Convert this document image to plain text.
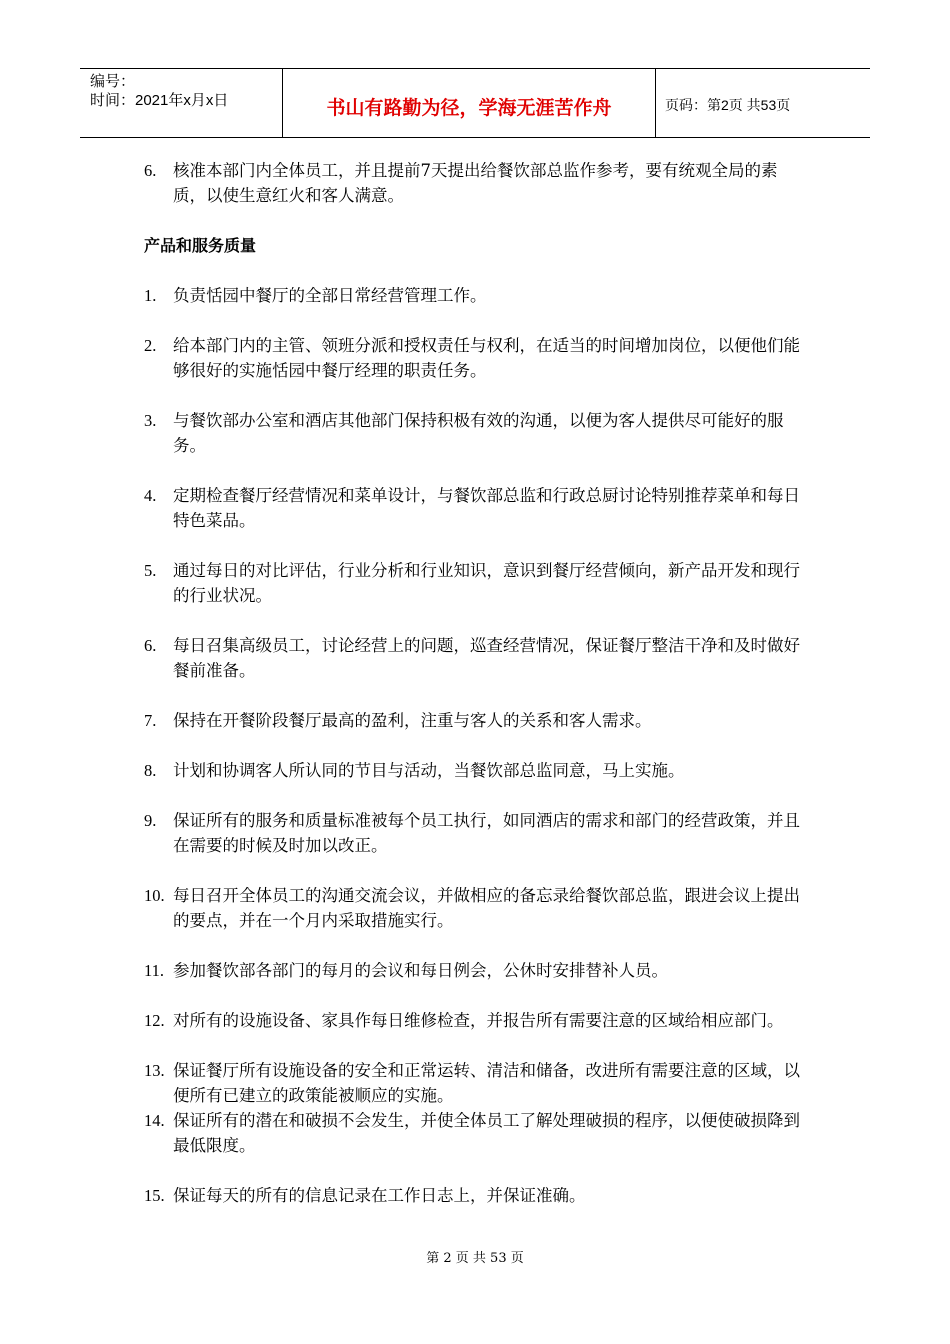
编号：
时间：2021年x月x日	书山有路勤为径，学海无涯苦作舟	页码：第2页 共53页
6.	核准本部门内全体员工，并且提前7天提出给餐饮部总监作参考，要有统观全局的素质，以使生意红火和客人满意。
产品和服务质量
1.	负责恬园中餐厅的全部日常经营管理工作。
2.	给本部门内的主管、领班分派和授权责任与权利，在适当的时间增加岗位，以便他们能够很好的实施恬园中餐厅经理的职责任务。
3.	与餐饮部办公室和酒店其他部门保持积极有效的沟通，以便为客人提供尽可能好的服务。
4.	定期检查餐厅经营情况和菜单设计，与餐饮部总监和行政总厨讨论特别推荐菜单和每日特色菜品。
5.	通过每日的对比评估，行业分析和行业知识，意识到餐厅经营倾向，新产品开发和现行的行业状况。
6.	每日召集高级员工，讨论经营上的问题，巡查经营情况，保证餐厅整洁干净和及时做好餐前准备。
7.	保持在开餐阶段餐厅最高的盈利，注重与客人的关系和客人需求。
8.	计划和协调客人所认同的节目与活动，当餐饮部总监同意，马上实施。
9.	保证所有的服务和质量标准被每个员工执行，如同酒店的需求和部门的经营政策，并且在需要的时候及时加以改正。
10. 每日召开全体员工的沟通交流会议，并做相应的备忘录给餐饮部总监，跟进会议上提出的要点，并在一个月内采取措施实行。
11. 参加餐饮部各部门的每月的会议和每日例会，公休时安排替补人员。
12. 对所有的设施设备、家具作每日维修检查，并报告所有需要注意的区域给相应部门。
13. 保证餐厅所有设施设备的安全和正常运转、清洁和储备，改进所有需要注意的区域，以便所有已建立的政策能被顺应的实施。
14. 保证所有的潜在和破损不会发生，并使全体员工了解处理破损的程序，以便使破损降到最低限度。
15. 保证每天的所有的信息记录在工作日志上，并保证准确。
第 2 页 共 53 页
